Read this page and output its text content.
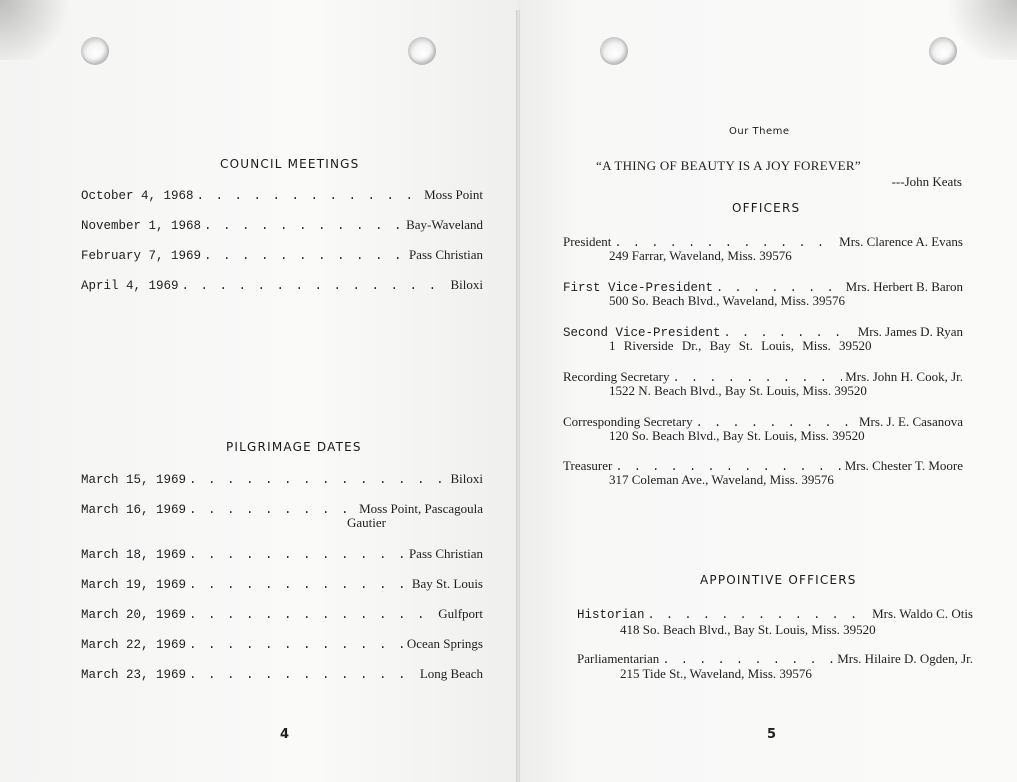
COUNCIL MEETINGS
October 4, 1968 . . .	Moss Point
November 1, 1968 . . .	Bay-Waveland
February 7, 1969 . . .	Pass Christian
April 4, 1969 . . .	Biloxi
PILGRIMAGE DATES
March 15, 1969 . . .	Biloxi
March 16, 1969 . . .	Moss Point, Pascagoula
Gautier
March 18, 1969 . . .	Pass Christian
March 19, 1969 . . .	Bay St. Louis
March 20, 1969 . . .	Gulfport
March 22, 1969 . . .	Ocean Springs
March 23, 1969 . . .	Long Beach
4
Our Theme
“A THING OF BEAUTY IS A JOY FOREVER”
---John Keats
OFFICERS
President . . .	Mrs. Clarence A. Evans
249 Farrar, Waveland, Miss. 39576
First Vice-President . . .	Mrs. Herbert B. Baron
500 So. Beach Blvd., Waveland, Miss. 39576
Second Vice-President . . .	Mrs. James D. Ryan
1 Riverside Dr., Bay St. Louis, Miss. 39520
Recording Secretary . . .	Mrs. John H. Cook, Jr.
1522 N. Beach Blvd., Bay St. Louis, Miss. 39520
Corresponding Secretary . . .	Mrs. J. E. Casanova
120 So. Beach Blvd., Bay St. Louis, Miss. 39520
Treasurer . . .	Mrs. Chester T. Moore
317 Coleman Ave., Waveland, Miss. 39576
APPOINTIVE OFFICERS
Historian . . .	Mrs. Waldo C. Otis
418 So. Beach Blvd., Bay St. Louis, Miss. 39520
Parliamentarian . . .	Mrs. Hilaire D. Ogden, Jr.
215 Tide St., Waveland, Miss. 39576
5
